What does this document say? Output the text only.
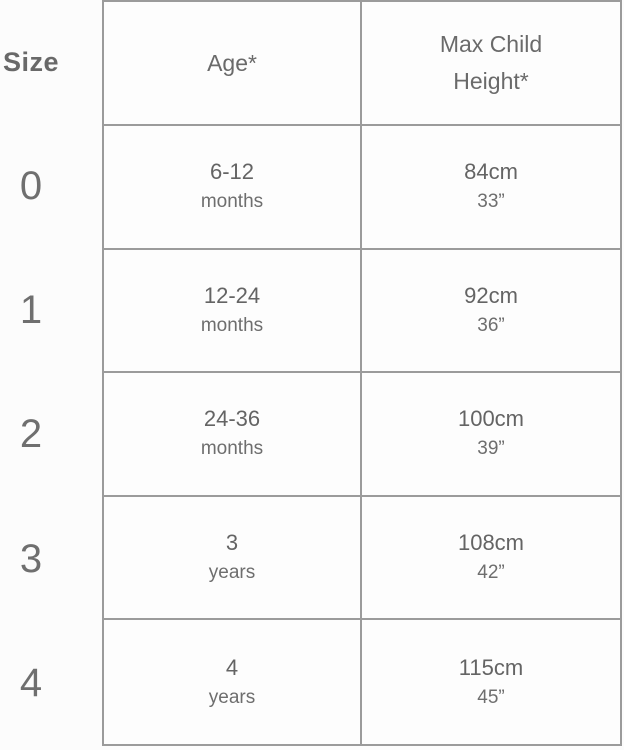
Size
0
1
2
3
4
Age*
Max Child
Height*
6-12
months
84cm
33”
12-24
months
92cm
36”
24-36
months
100cm
39”
3
years
108cm
42”
4
years
115cm
45”
